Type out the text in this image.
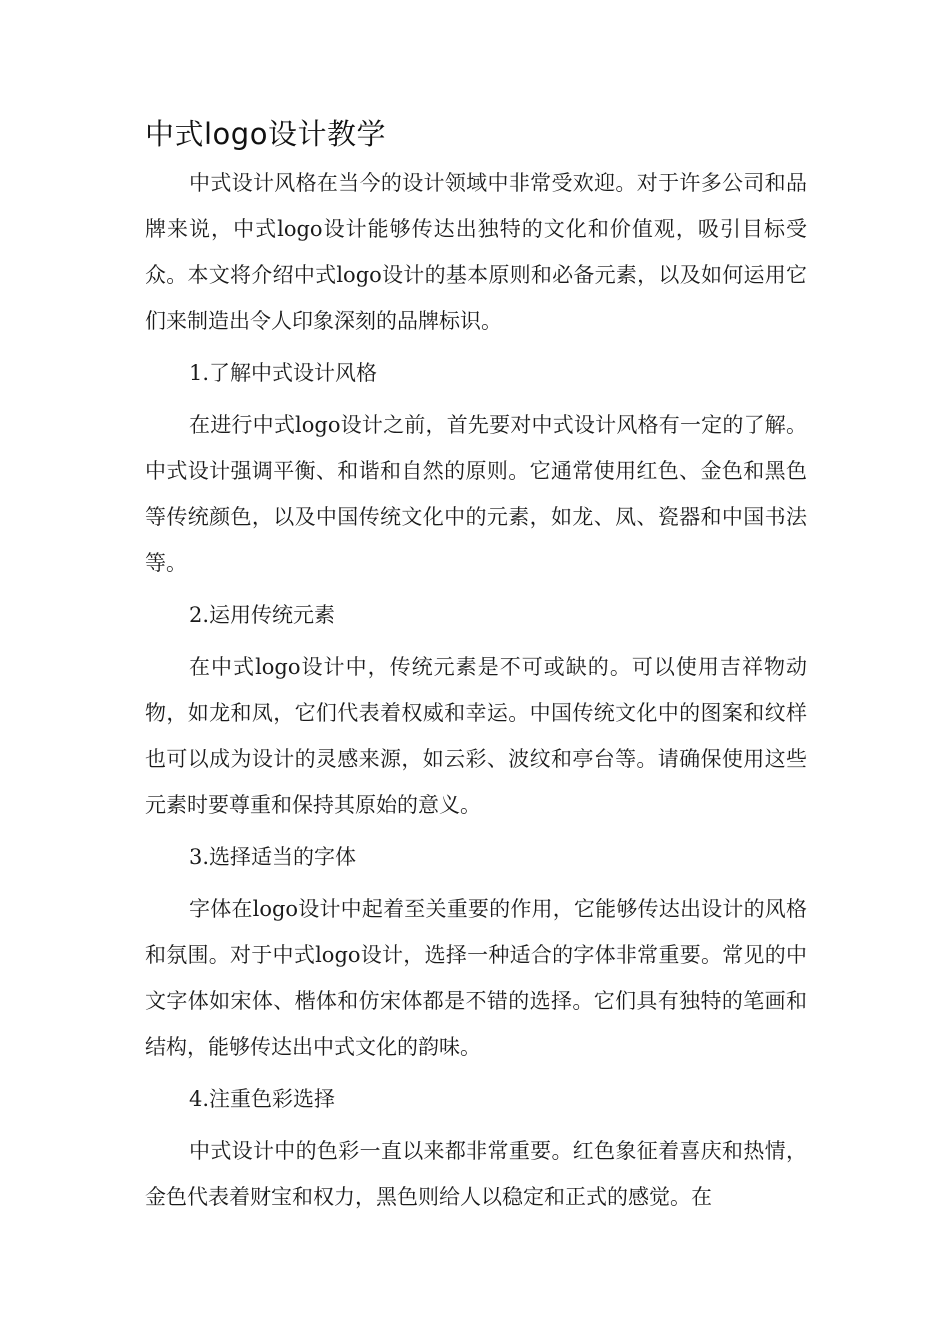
中式logo设计教学

中式设计风格在当今的设计领域中非常受欢迎。对于许多公司和品牌来说，中式logo设计能够传达出独特的文化和价值观，吸引目标受众。本文将介绍中式logo设计的基本原则和必备元素，以及如何运用它们来制造出令人印象深刻的品牌标识。

1.了解中式设计风格

在进行中式logo设计之前，首先要对中式设计风格有一定的了解。中式设计强调平衡、和谐和自然的原则。它通常使用红色、金色和黑色等传统颜色，以及中国传统文化中的元素，如龙、凤、瓷器和中国书法等。

2.运用传统元素

在中式logo设计中，传统元素是不可或缺的。可以使用吉祥物动物，如龙和凤，它们代表着权威和幸运。中国传统文化中的图案和纹样也可以成为设计的灵感来源，如云彩、波纹和亭台等。请确保使用这些元素时要尊重和保持其原始的意义。

3.选择适当的字体

字体在logo设计中起着至关重要的作用，它能够传达出设计的风格和氛围。对于中式logo设计，选择一种适合的字体非常重要。常见的中文字体如宋体、楷体和仿宋体都是不错的选择。它们具有独特的笔画和结构，能够传达出中式文化的韵味。

4.注重色彩选择

中式设计中的色彩一直以来都非常重要。红色象征着喜庆和热情，金色代表着财宝和权力，黑色则给人以稳定和正式的感觉。在
